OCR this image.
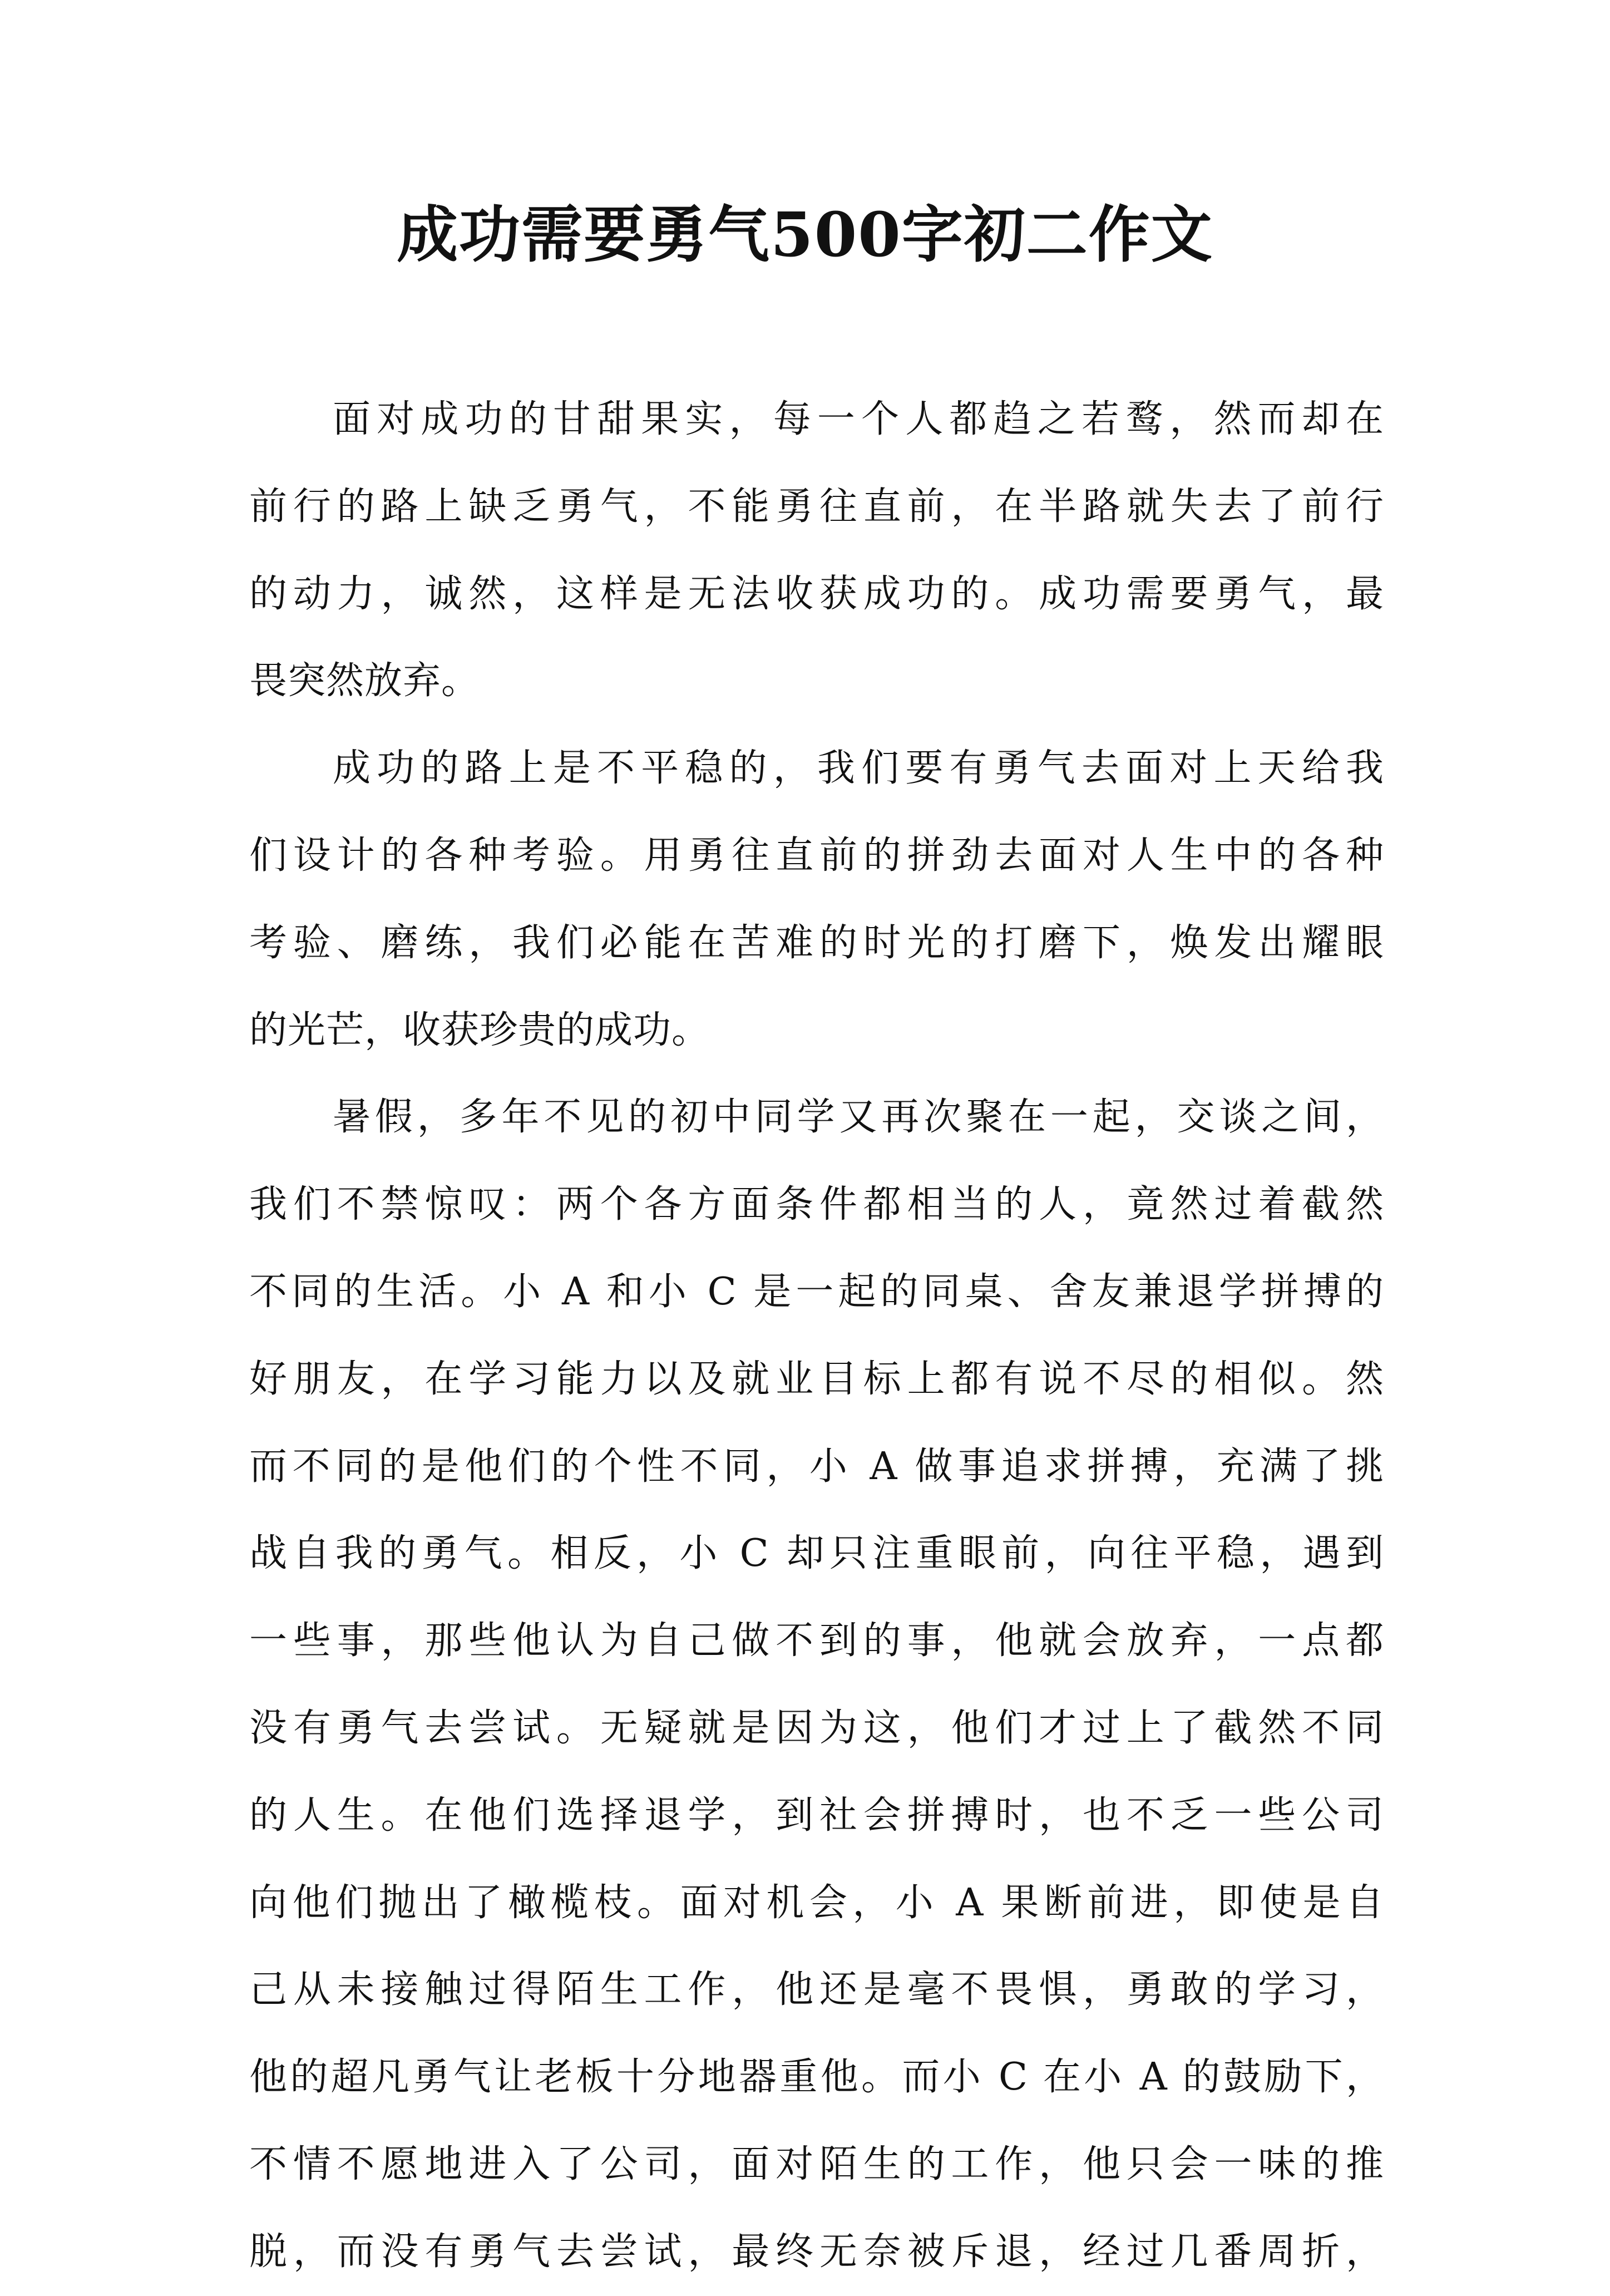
成功需要勇气500字初二作文
面对成功的甘甜果实，每一个人都趋之若鹜，然而却在
前行的路上缺乏勇气，不能勇往直前，在半路就失去了前行
的动力，诚然，这样是无法收获成功的。成功需要勇气，最
畏突然放弃。
成功的路上是不平稳的，我们要有勇气去面对上天给我
们设计的各种考验。用勇往直前的拼劲去面对人生中的各种
考验、磨练，我们必能在苦难的时光的打磨下，焕发出耀眼
的光芒，收获珍贵的成功。
暑假，多年不见的初中同学又再次聚在一起，交谈之间，
我们不禁惊叹：两个各方面条件都相当的人，竟然过着截然
不同的生活。小 A 和小 C 是一起的同桌、舍友兼退学拼搏的
好朋友，在学习能力以及就业目标上都有说不尽的相似。然
而不同的是他们的个性不同，小 A 做事追求拼搏，充满了挑
战自我的勇气。相反，小 C 却只注重眼前，向往平稳，遇到
一些事，那些他认为自己做不到的事，他就会放弃，一点都
没有勇气去尝试。无疑就是因为这，他们才过上了截然不同
的人生。在他们选择退学，到社会拼搏时，也不乏一些公司
向他们抛出了橄榄枝。面对机会，小 A 果断前进，即使是自
己从未接触过得陌生工作，他还是毫不畏惧，勇敢的学习，
他的超凡勇气让老板十分地器重他。而小 C 在小 A 的鼓励下，
不情不愿地进入了公司，面对陌生的工作，他只会一味的推
脱，而没有勇气去尝试，最终无奈被斥退，经过几番周折，
